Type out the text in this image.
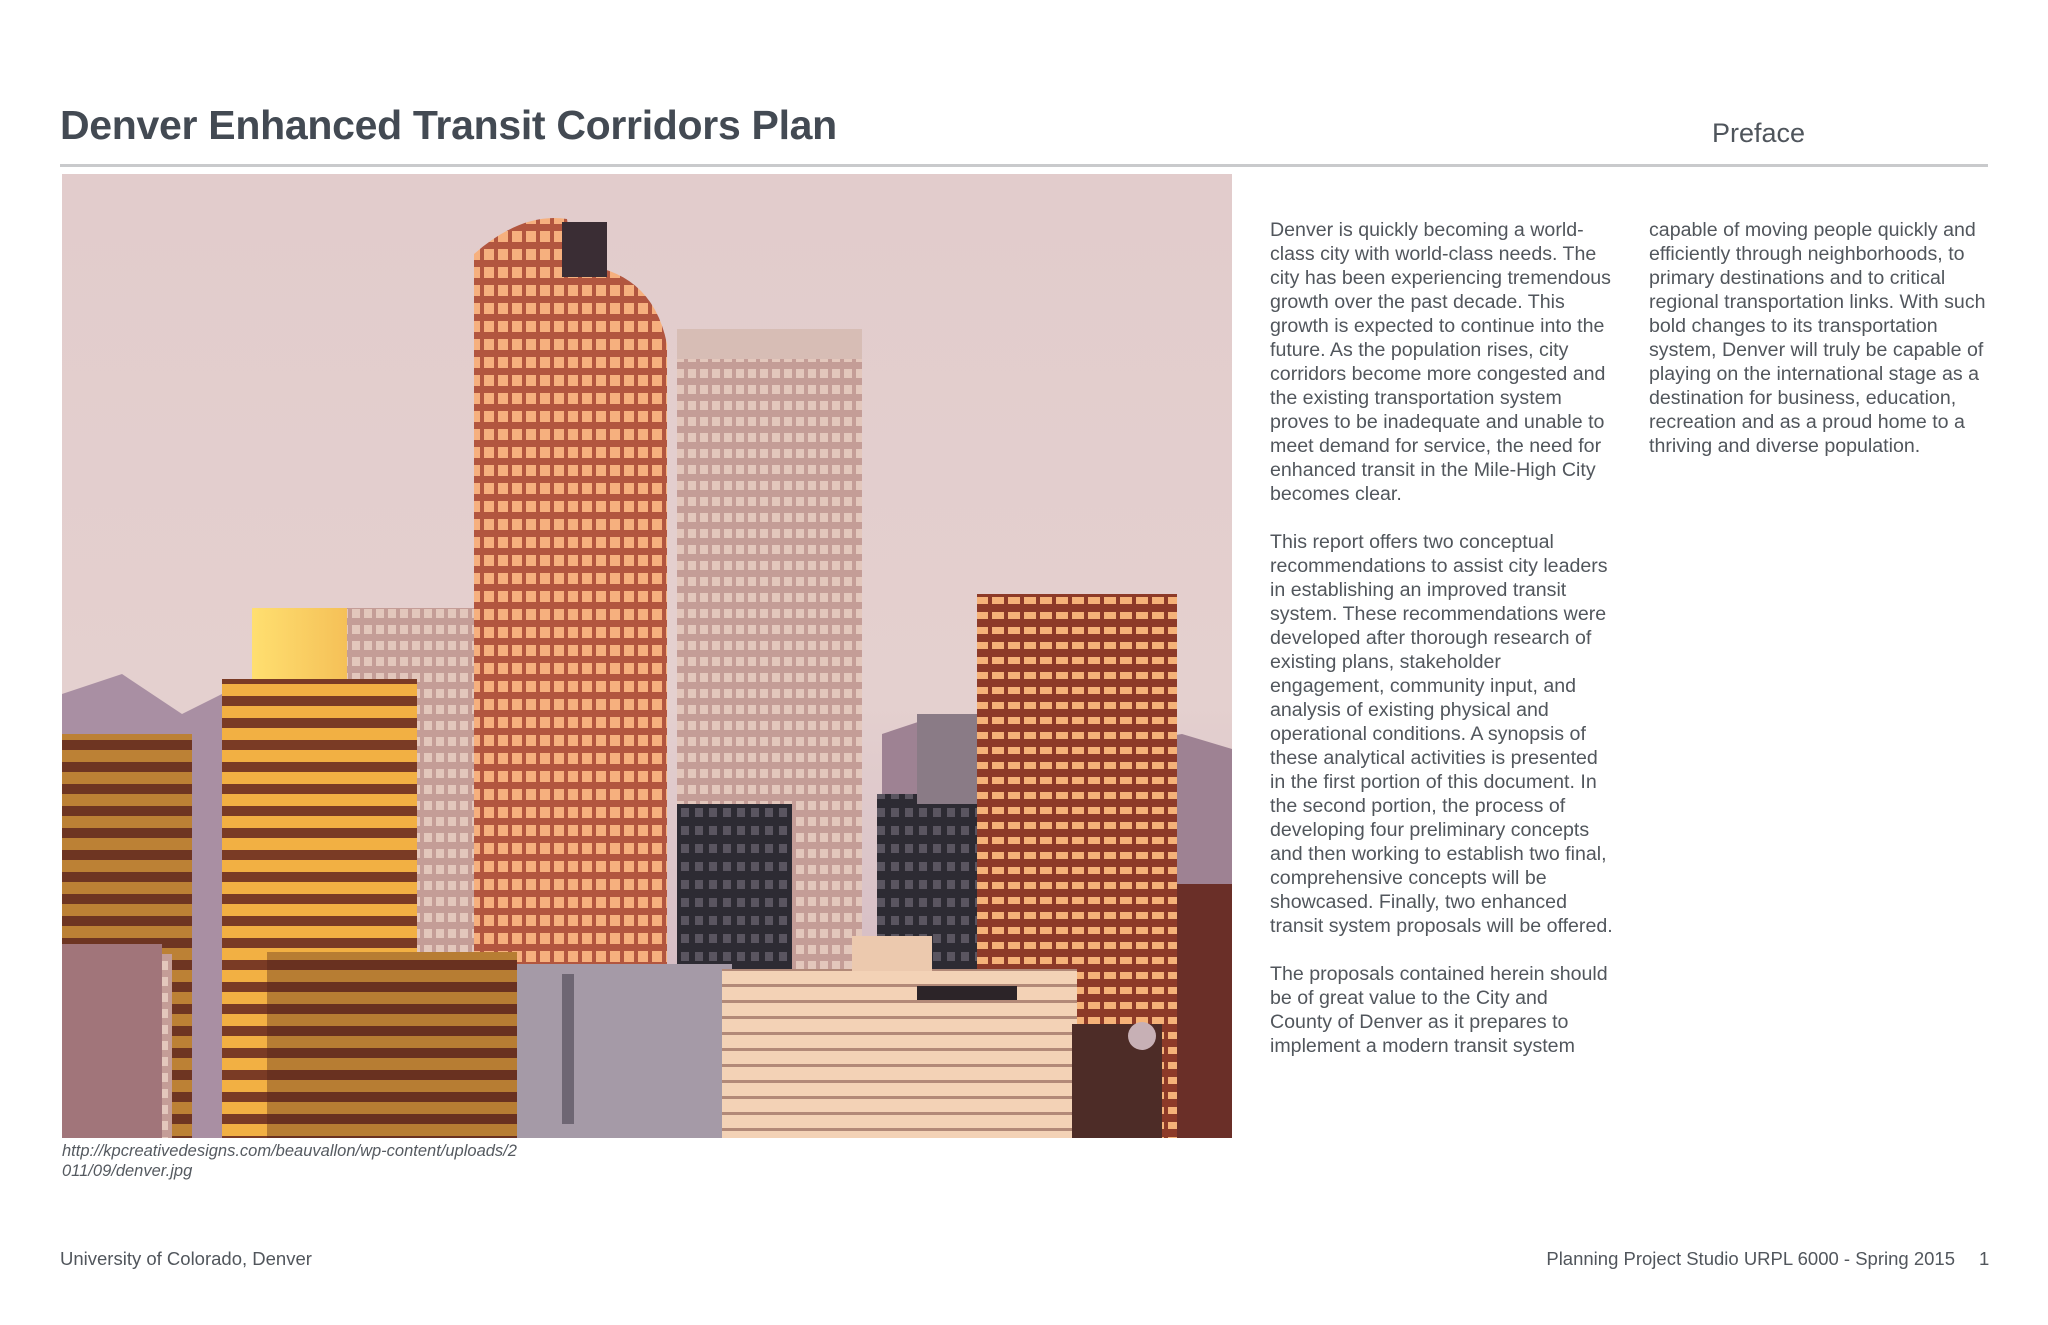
Denver Enhanced Transit Corridors Plan	Preface
http://kpcreativedesigns.com/beauvallon/wp-content/uploads/2011/09/denver.jpg

Denver is quickly becoming a world-class city with world-class needs. The city has been experiencing tremendous growth over the past decade. This growth is expected to continue into the future. As the population rises, city corridors become more congested and the existing transportation system proves to be inadequate and unable to meet demand for service, the need for enhanced transit in the Mile-High City becomes clear.

This report offers two conceptual recommendations to assist city leaders in establishing an improved transit system. These recommendations were developed after thorough research of existing plans, stakeholder engagement, community input, and analysis of existing physical and operational conditions. A synopsis of these analytical activities is presented in the first portion of this document. In the second portion, the process of developing four preliminary concepts and then working to establish two final, comprehensive concepts will be showcased. Finally, two enhanced transit system proposals will be offered.

The proposals contained herein should be of great value to the City and County of Denver as it prepares to implement a modern transit system

capable of moving people quickly and efficiently through neighborhoods, to primary destinations and to critical regional transportation links. With such bold changes to its transportation system, Denver will truly be capable of playing on the international stage as a destination for business, education, recreation and as a proud home to a thriving and diverse population.

University of Colorado, Denver	Planning Project Studio URPL 6000 - Spring 2015 1
